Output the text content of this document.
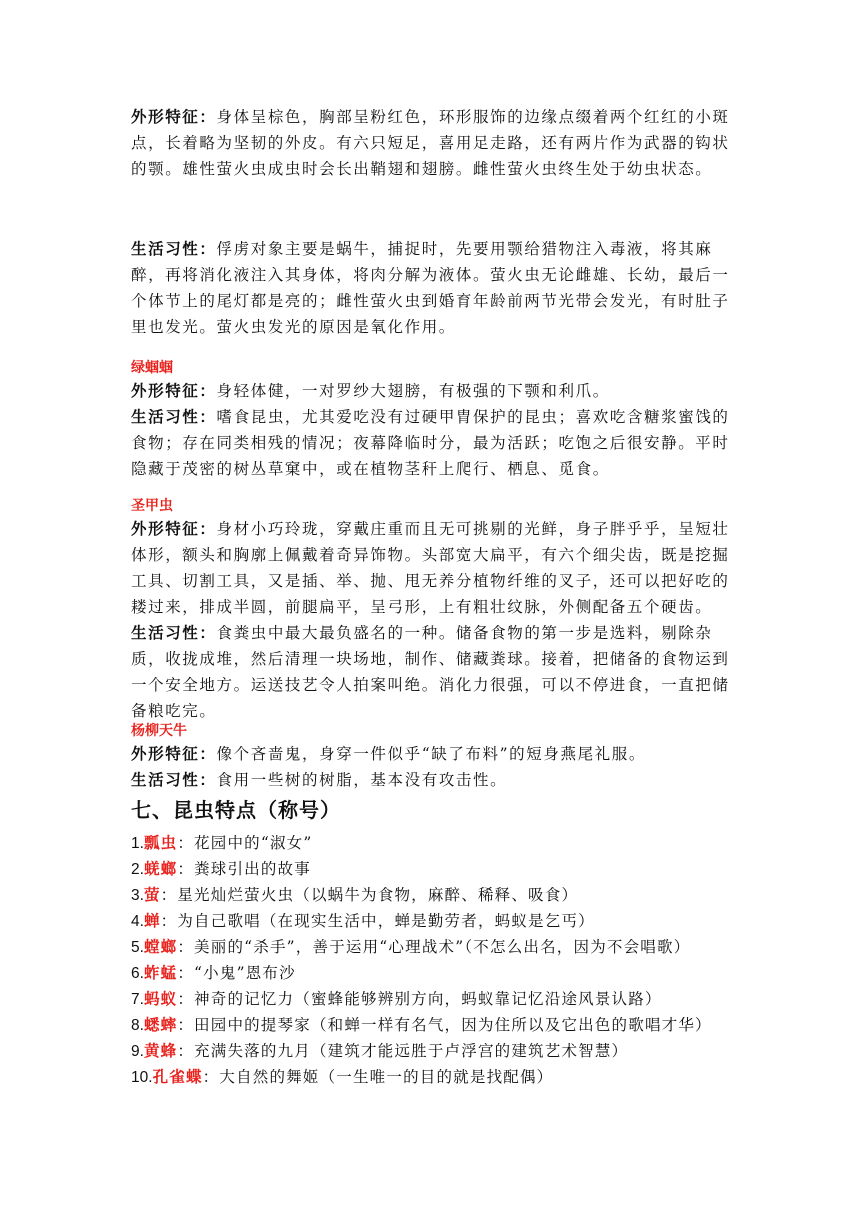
外形特征：身体呈棕色，胸部呈粉红色，环形服饰的边缘点缀着两个红红的小斑点，长着略为坚韧的外皮。有六只短足，喜用足走路，还有两片作为武器的钩状的颚。雄性萤火虫成虫时会长出鞘翅和翅膀。雌性萤火虫终生处于幼虫状态。

生活习性：俘虏对象主要是蜗牛，捕捉时，先要用颚给猎物注入毒液，将其麻醉，再将消化液注入其身体，将肉分解为液体。萤火虫无论雌雄、长幼，最后一个体节上的尾灯都是亮的；雌性萤火虫到婚育年龄前两节光带会发光，有时肚子里也发光。萤火虫发光的原因是氧化作用。

绿蝈蝈

外形特征：身轻体健，一对罗纱大翅膀，有极强的下颚和利爪。

生活习性：嗜食昆虫，尤其爱吃没有过硬甲胄保护的昆虫；喜欢吃含糖浆蜜饯的食物；存在同类相残的情况；夜幕降临时分，最为活跃；吃饱之后很安静。平时隐藏于茂密的树丛草窠中，或在植物茎秆上爬行、栖息、觅食。

圣甲虫

外形特征：身材小巧玲珑，穿戴庄重而且无可挑剔的光鲜，身子胖乎乎，呈短壮体形，额头和胸廓上佩戴着奇异饰物。头部宽大扁平，有六个细尖齿，既是挖掘工具、切割工具，又是插、举、抛、甩无养分植物纤维的叉子，还可以把好吃的耧过来，排成半圆，前腿扁平，呈弓形，上有粗壮纹脉，外侧配备五个硬齿。

生活习性：食粪虫中最大最负盛名的一种。储备食物的第一步是选料，剔除杂质，收拢成堆，然后清理一块场地，制作、储藏粪球。接着，把储备的食物运到一个安全地方。运送技艺令人拍案叫绝。消化力很强，可以不停进食，一直把储备粮吃完。

杨柳天牛

外形特征：像个吝啬鬼，身穿一件似乎“缺了布料”的短身燕尾礼服。

生活习性：食用一些树的树脂，基本没有攻击性。

七、昆虫特点（称号）

1.瓢虫：花园中的“淑女”

2.蜣螂：粪球引出的故事

3.萤：星光灿烂萤火虫（以蜗牛为食物，麻醉、稀释、吸食）

4.蝉：为自己歌唱（在现实生活中，蝉是勤劳者，蚂蚁是乞丐）

5.螳螂：美丽的“杀手”，善于运用“心理战术”（不怎么出名，因为不会唱歌）

6.蚱蜢：“小鬼”恩布沙

7.蚂蚁：神奇的记忆力（蜜蜂能够辨别方向，蚂蚁靠记忆沿途风景认路）

8.蟋蟀：田园中的提琴家（和蝉一样有名气，因为住所以及它出色的歌唱才华）

9.黄蜂：充满失落的九月（建筑才能远胜于卢浮宫的建筑艺术智慧）

10.孔雀蝶：大自然的舞姬（一生唯一的目的就是找配偶）
